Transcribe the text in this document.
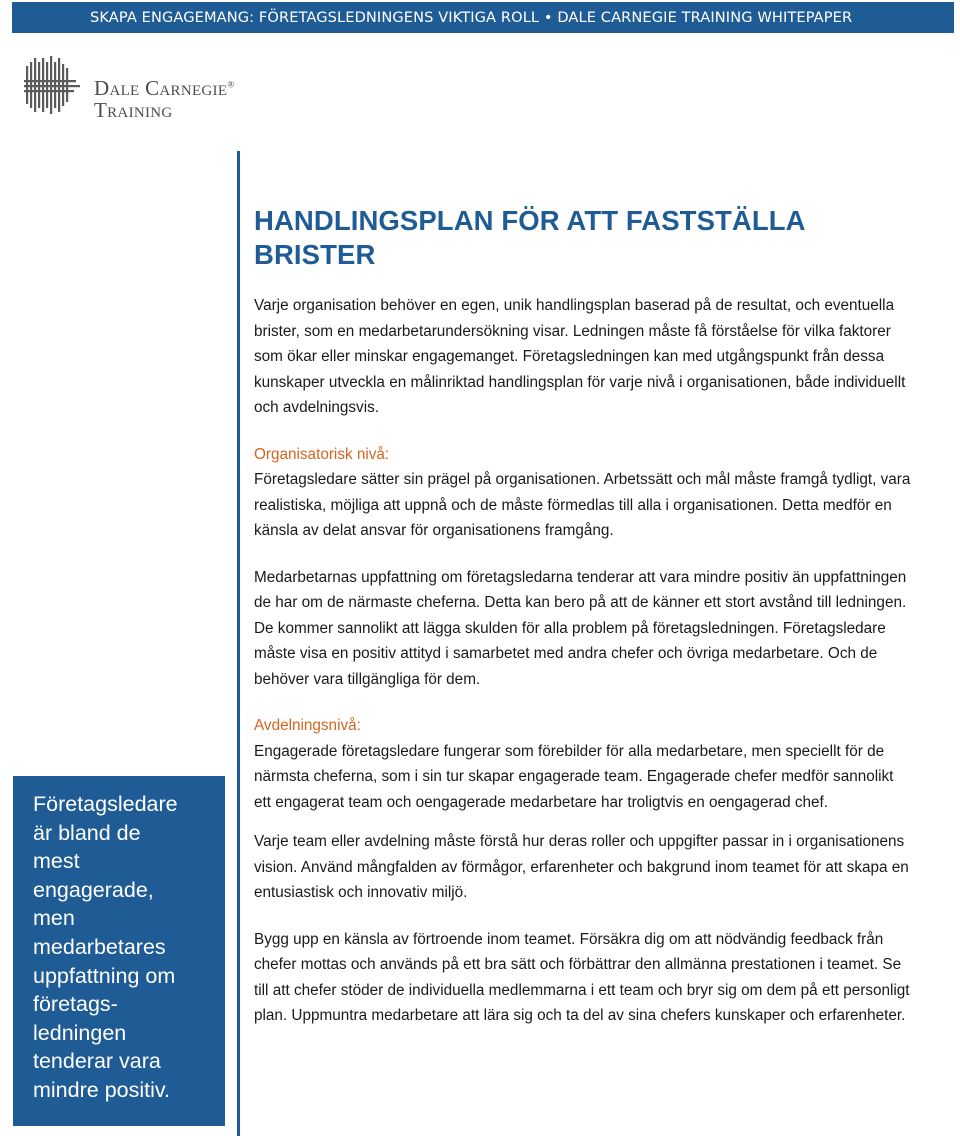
SKAPA ENGAGEMANG: FÖRETAGSLEDNINGENS VIKTIGA ROLL • DALE CARNEGIE TRAINING WHITEPAPER
Dale Carnegie®
Training
HANDLINGSPLAN FÖR ATT FASTSTÄLLA BRISTER

Varje organisation behöver en egen, unik handlingsplan baserad på de resultat, och eventuella brister, som en medarbetarundersökning visar. Ledningen måste få förståelse för vilka faktorer som ökar eller minskar engagemanget. Företagsledningen kan med utgångspunkt från dessa kunskaper utveckla en målinriktad handlingsplan för varje nivå i organisationen, både individuellt och avdelningsvis.

Organisatorisk nivå:

Företagsledare sätter sin prägel på organisationen. Arbetssätt och mål måste framgå tydligt, vara realistiska, möjliga att uppnå och de måste förmedlas till alla i organisationen. Detta medför en känsla av delat ansvar för organisationens framgång.

Medarbetarnas uppfattning om företagsledarna tenderar att vara mindre positiv än uppfattningen de har om de närmaste cheferna. Detta kan bero på att de känner ett stort avstånd till ledningen. De kommer sannolikt att lägga skulden för alla problem på företagsledningen. Företagsledare måste visa en positiv attityd i samarbetet med andra chefer och övriga medarbetare. Och de behöver vara tillgängliga för dem.

Avdelningsnivå:

Engagerade företagsledare fungerar som förebilder för alla medarbetare, men speciellt för de närmsta cheferna, som i sin tur skapar engagerade team. Engagerade chefer medför sannolikt ett engagerat team och oengagerade medarbetare har troligtvis en oengagerad chef.

Varje team eller avdelning måste förstå hur deras roller och uppgifter passar in i organisationens vision. Använd mångfalden av förmågor, erfarenheter och bakgrund inom teamet för att skapa en entusiastisk och innovativ miljö.

Bygg upp en känsla av förtroende inom teamet. Försäkra dig om att nödvändig feedback från chefer mottas och används på ett bra sätt och förbättrar den allmänna prestationen i teamet. Se till att chefer stöder de individuella medlemmarna i ett team och bryr sig om dem på ett personligt plan. Uppmuntra medarbetare att lära sig och ta del av sina chefers kunskaper och erfarenheter.

Företagsledare
är bland de
mest
engagerade,
men
medarbetares
uppfattning om
företags-
ledningen
tenderar vara
mindre positiv.
